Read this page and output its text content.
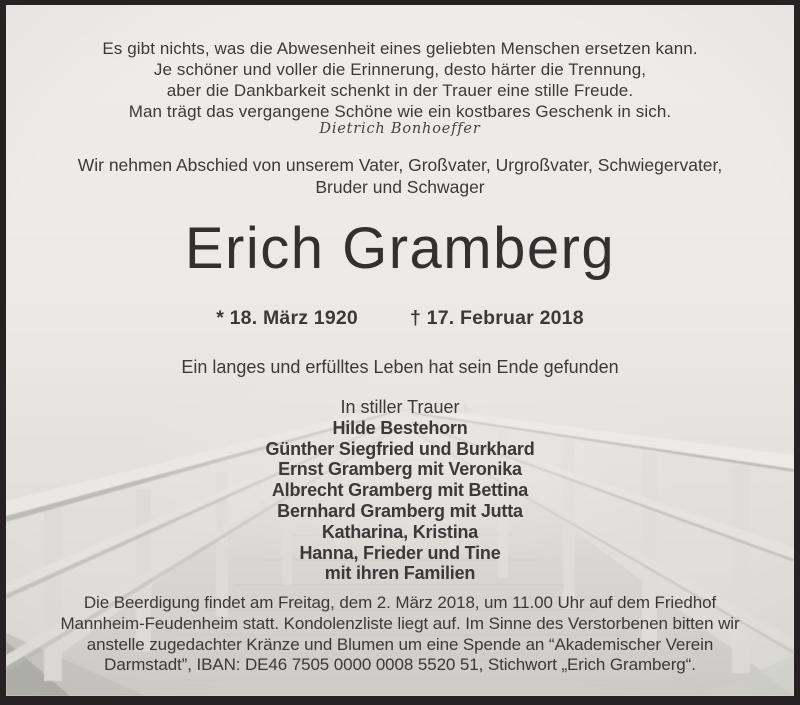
Es gibt nichts, was die Abwesenheit eines geliebten Menschen ersetzen kann.

Je schöner und voller die Erinnerung, desto härter die Trennung,

aber die Dankbarkeit schenkt in der Trauer eine stille Freude.

Man trägt das vergangene Schöne wie ein kostbares Geschenk in sich.

Dietrich Bonhoeffer

Wir nehmen Abschied von unserem Vater, Großvater, Urgroßvater, Schwiegervater,

Bruder und Schwager

Erich Gramberg
* 18. März 1920	† 17. Februar 2018

Ein langes und erfülltes Leben hat sein Ende gefunden

In stiller Trauer

Hilde Bestehorn

Günther Siegfried und Burkhard

Ernst Gramberg mit Veronika

Albrecht Gramberg mit Bettina

Bernhard Gramberg mit Jutta

Katharina, Kristina

Hanna, Frieder und Tine

mit ihren Familien

Die Beerdigung findet am Freitag, dem 2. März 2018, um 11.00 Uhr auf dem Friedhof

Mannheim-Feudenheim statt. Kondolenzliste liegt auf. Im Sinne des Verstorbenen bitten wir

anstelle zugedachter Kränze und Blumen um eine Spende an “Akademischer Verein

Darmstadt”, IBAN: DE46 7505 0000 0008 5520 51, Stichwort „Erich Gramberg“.
